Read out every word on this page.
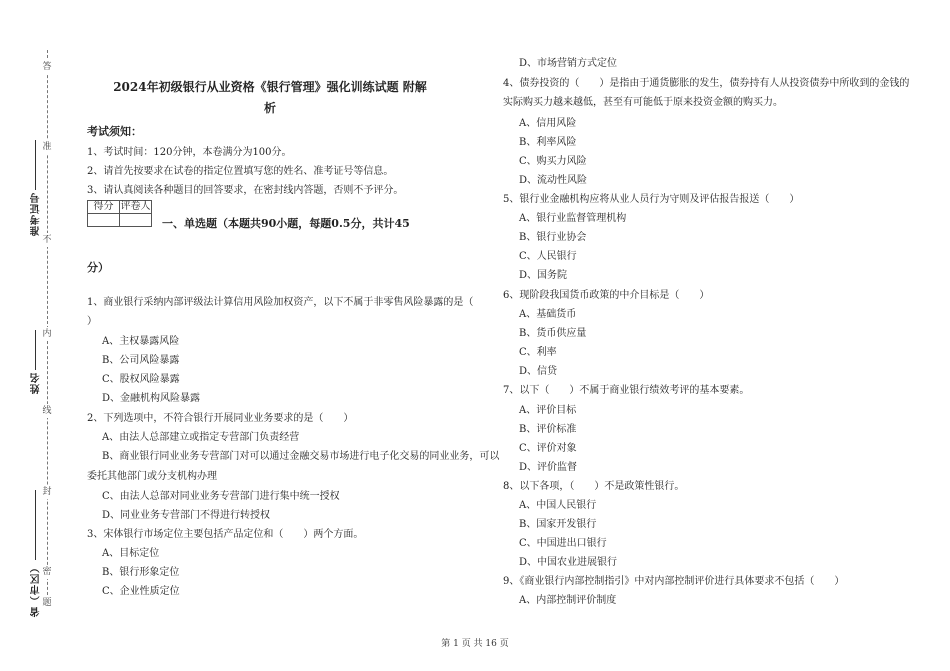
答
准
不
内
线
封
密
题
准考证号
姓名
省（市区）
2024年初级银行从业资格《银行管理》强化训练试题 附解
析
考试须知：
1、考试时间：120分钟，本卷满分为100分。
2、请首先按要求在试卷的指定位置填写您的姓名、准考证号等信息。
3、请认真阅读各种题目的回答要求，在密封线内答题，否则不予评分。
得分	评卷人

一、单选题（本题共90小题，每题0.5分，共计45
分）
1、商业银行采纳内部评级法计算信用风险加权资产，以下不属于非零售风险暴露的是（
）
A、主权暴露风险
B、公司风险暴露
C、股权风险暴露
D、金融机构风险暴露
2、下列选项中，不符合银行开展同业业务要求的是（　　）
A、由法人总部建立或指定专营部门负责经营
B、商业银行同业业务专营部门对可以通过金融交易市场进行电子化交易的同业业务，可以
委托其他部门或分支机构办理
C、由法人总部对同业业务专营部门进行集中统一授权
D、同业业务专营部门不得进行转授权
3、宋体银行市场定位主要包括产品定位和（　　）两个方面。
A、目标定位
B、银行形象定位
C、企业性质定位
D、市场营销方式定位
4、债券投资的（　　）是指由于通货膨胀的发生，债券持有人从投资债券中所收到的金钱的
实际购买力越来越低，甚至有可能低于原来投资金额的购买力。
A、信用风险
B、利率风险
C、购买力风险
D、流动性风险
5、银行业金融机构应将从业人员行为守则及评估报告报送（　　）
A、银行业监督管理机构
B、银行业协会
C、人民银行
D、国务院
6、现阶段我国货币政策的中介目标是（　　）
A、基础货币
B、货币供应量
C、利率
D、信贷
7、以下（　　）不属于商业银行绩效考评的基本要素。
A、评价目标
B、评价标准
C、评价对象
D、评价监督
8、以下各项，（　　）不是政策性银行。
A、中国人民银行
B、国家开发银行
C、中国进出口银行
D、中国农业进展银行
9、《商业银行内部控制指引》中对内部控制评价进行具体要求不包括（　　）
A、内部控制评价制度
第 1 页 共 16 页
